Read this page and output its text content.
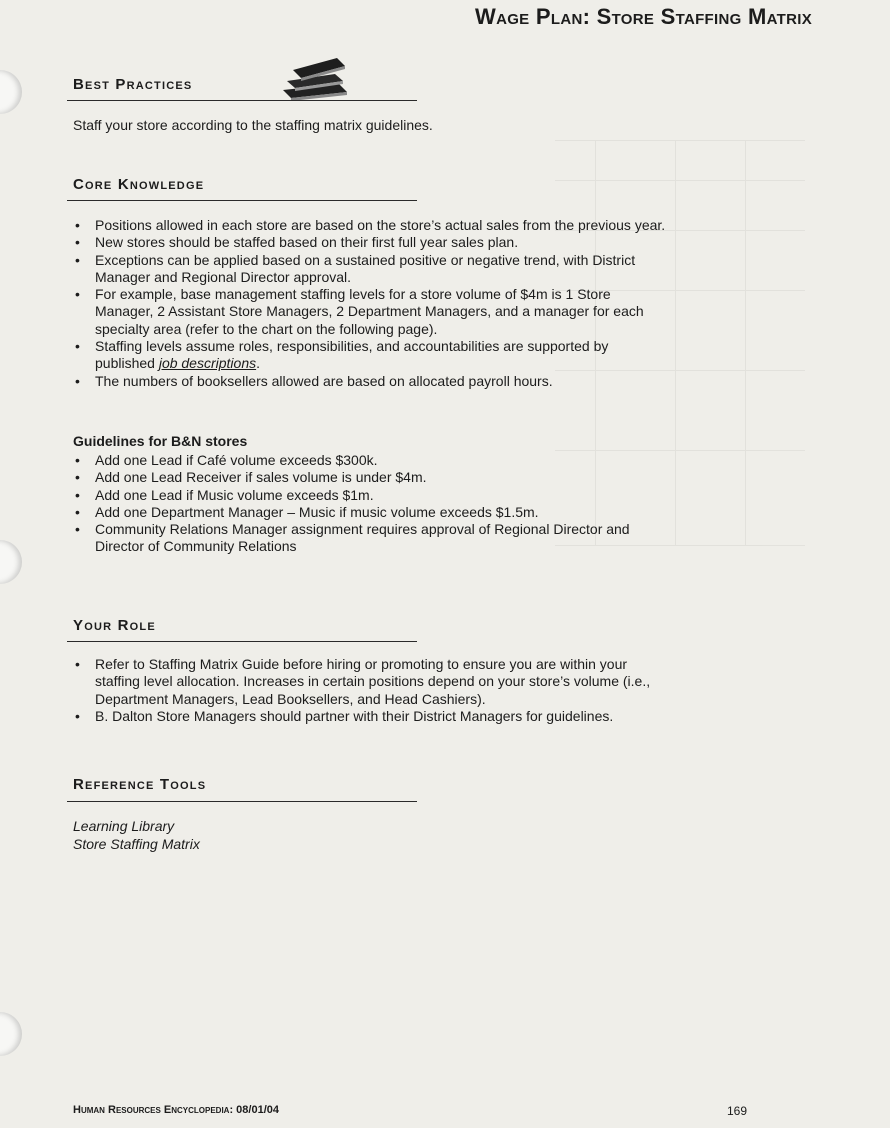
Wage Plan: Store Staffing Matrix
Best Practices
Staff your store according to the staffing matrix guidelines.
Core Knowledge
• Positions allowed in each store are based on the store’s actual sales from the previous year.
• New stores should be staffed based on their first full year sales plan.
• Exceptions can be applied based on a sustained positive or negative trend, with District
Manager and Regional Director approval.
• For example, base management staffing levels for a store volume of $4m is 1 Store
Manager, 2 Assistant Store Managers, 2 Department Managers, and a manager for each
specialty area (refer to the chart on the following page).
• Staffing levels assume roles, responsibilities, and accountabilities are supported by
published job descriptions.
• The numbers of booksellers allowed are based on allocated payroll hours.
Guidelines for B&N stores
• Add one Lead if Café volume exceeds $300k.
• Add one Lead Receiver if sales volume is under $4m.
• Add one Lead if Music volume exceeds $1m.
• Add one Department Manager – Music if music volume exceeds $1.5m.
• Community Relations Manager assignment requires approval of Regional Director and
Director of Community Relations
Your Role
• Refer to Staffing Matrix Guide before hiring or promoting to ensure you are within your
staffing level allocation. Increases in certain positions depend on your store’s volume (i.e.,
Department Managers, Lead Booksellers, and Head Cashiers).
• B. Dalton Store Managers should partner with their District Managers for guidelines.
Reference Tools
Learning Library
Store Staffing Matrix
Human Resources Encyclopedia: 08/01/04	169
